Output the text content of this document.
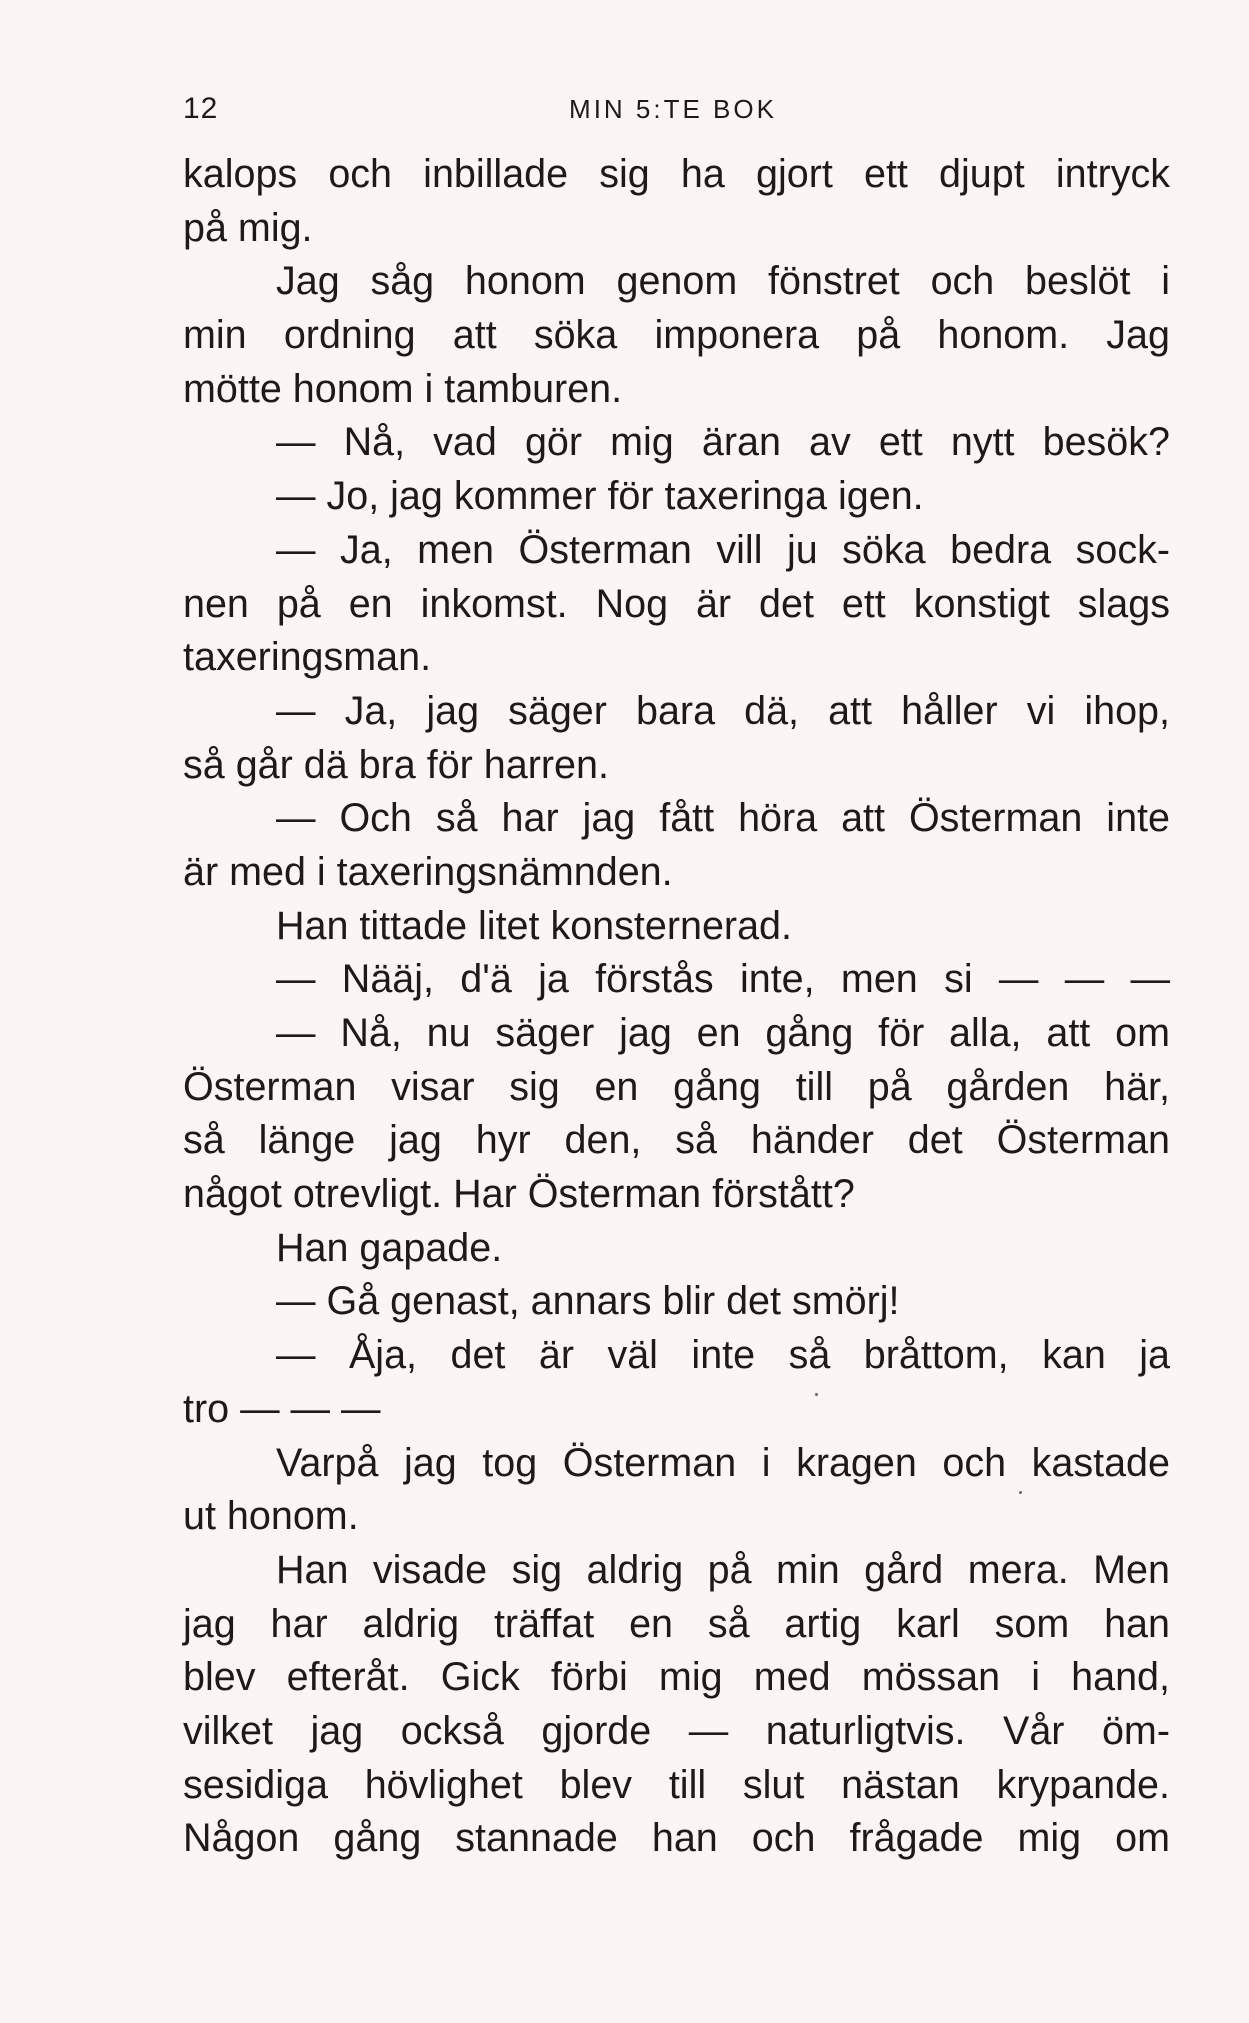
12	MIN 5:TE BOK
kalops och inbillade sig ha gjort ett djupt intryck
på mig.
Jag såg honom genom fönstret och beslöt i
min ordning att söka imponera på honom. Jag
mötte honom i tamburen.
— Nå, vad gör mig äran av ett nytt besök?
— Jo, jag kommer för taxeringa igen.
— Ja, men Österman vill ju söka bedra sock-
nen på en inkomst. Nog är det ett konstigt slags
taxeringsman.
— Ja, jag säger bara dä, att håller vi ihop,
så går dä bra för harren.
— Och så har jag fått höra att Österman inte
är med i taxeringsnämnden.
Han tittade litet konsternerad.
— Nääj, d'ä ja förstås inte, men si — — —
— Nå, nu säger jag en gång för alla, att om
Österman visar sig en gång till på gården här,
så länge jag hyr den, så händer det Österman
något otrevligt. Har Österman förstått?
Han gapade.
— Gå genast, annars blir det smörj!
— Åja, det är väl inte så bråttom, kan ja
tro — — —
Varpå jag tog Österman i kragen och kastade
ut honom.
Han visade sig aldrig på min gård mera. Men
jag har aldrig träffat en så artig karl som han
blev efteråt. Gick förbi mig med mössan i hand,
vilket jag också gjorde — naturligtvis. Vår öm-
sesidiga hövlighet blev till slut nästan krypande.
Någon gång stannade han och frågade mig om
